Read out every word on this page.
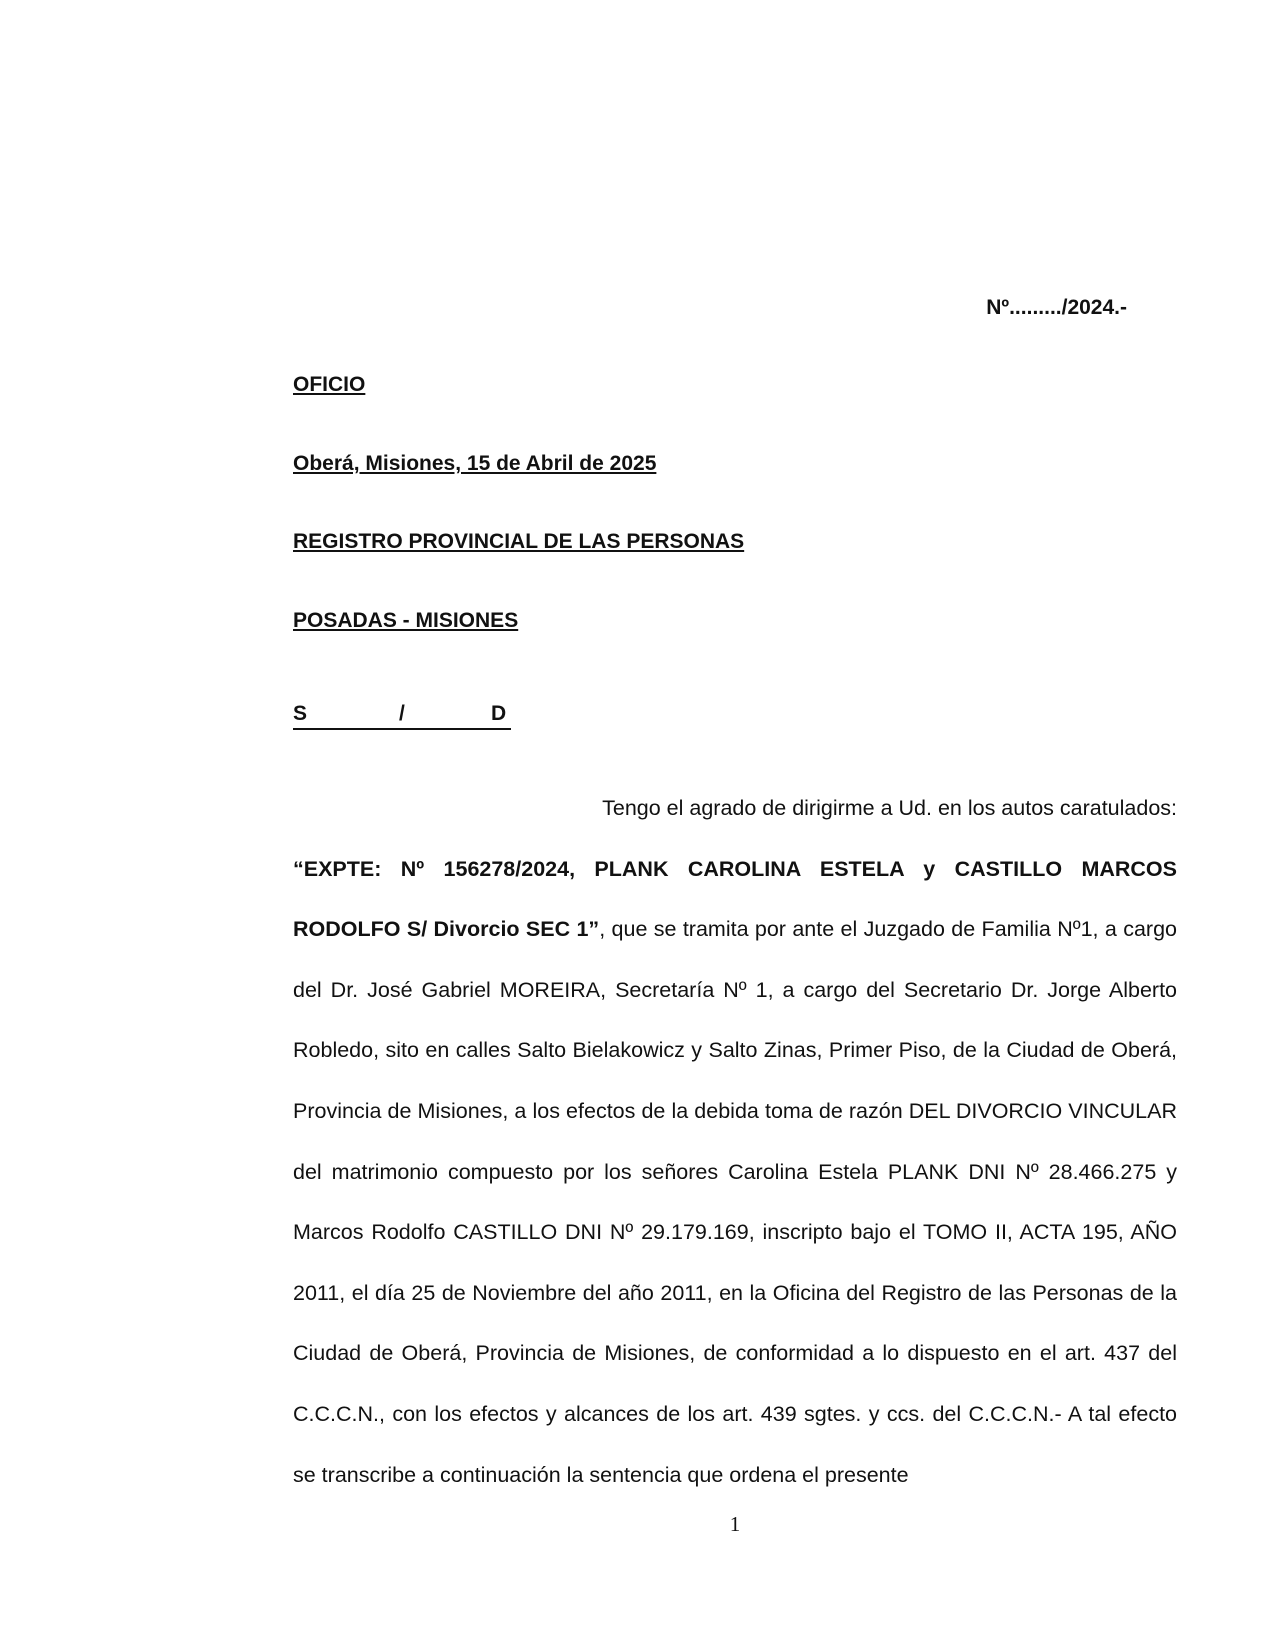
Nº........./2024.-
OFICIO
Oberá, Misiones, 15 de Abril de 2025
REGISTRO PROVINCIAL DE LAS PERSONAS
POSADAS - MISIONES
S	/	D
Tengo el agrado de dirigirme a Ud. en los autos caratulados:
“EXPTE: Nº 156278/2024, PLANK CAROLINA ESTELA y CASTILLO MARCOS RODOLFO S/ Divorcio SEC 1”, que se tramita por ante el Juzgado de Familia Nº1, a cargo del Dr. José Gabriel MOREIRA, Secretaría Nº 1, a cargo del Secretario Dr. Jorge Alberto Robledo, sito en calles Salto Bielakowicz y Salto Zinas, Primer Piso, de la Ciudad de Oberá, Provincia de Misiones, a los efectos de la debida toma de razón DEL DIVORCIO VINCULAR del matrimonio compuesto por los señores Carolina Estela PLANK DNI Nº 28.466.275 y Marcos Rodolfo CASTILLO DNI Nº 29.179.169, inscripto bajo el TOMO II, ACTA 195, AÑO 2011, el día 25 de Noviembre del año 2011, en la Oficina del Registro de las Personas de la Ciudad de Oberá, Provincia de Misiones, de conformidad a lo dispuesto en el art. 437 del C.C.C.N., con los efectos y alcances de los art. 439 sgtes. y ccs. del C.C.C.N.- A tal efecto se transcribe a continuación la sentencia que ordena el presente
1
